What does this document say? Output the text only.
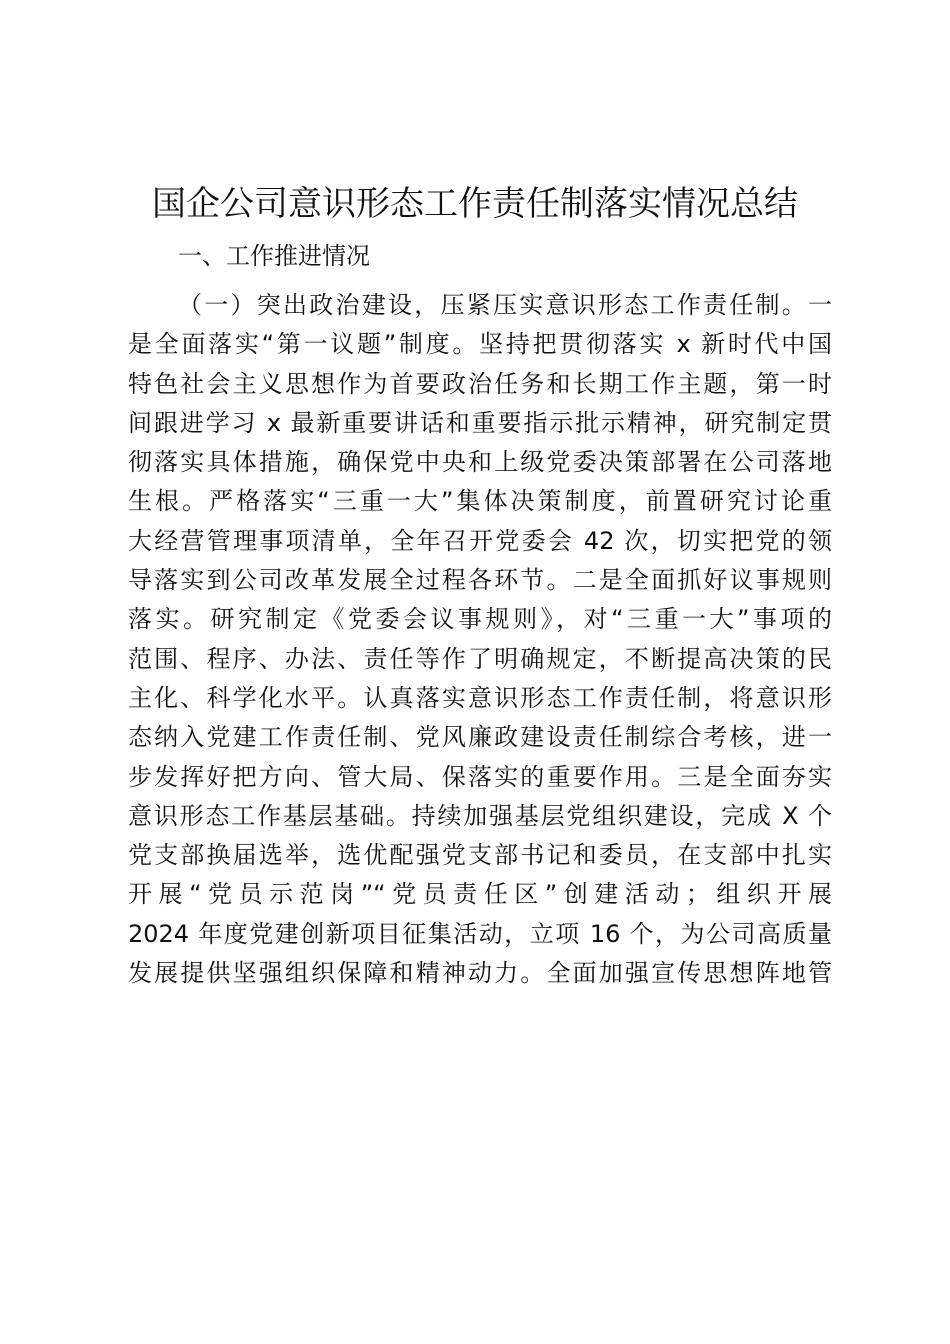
国企公司意识形态工作责任制落实情况总结
一、工作推进情况
（一）突出政治建设，压紧压实意识形态工作责任制。一
是全面落实“第一议题”制度。坚持把贯彻落实 x 新时代中国
特色社会主义思想作为首要政治任务和长期工作主题，第一时
间跟进学习 x 最新重要讲话和重要指示批示精神，研究制定贯
彻落实具体措施，确保党中央和上级党委决策部署在公司落地
生根。严格落实“三重一大”集体决策制度，前置研究讨论重
大经营管理事项清单，全年召开党委会 42 次，切实把党的领
导落实到公司改革发展全过程各环节。二是全面抓好议事规则
落实。研究制定《党委会议事规则》，对“三重一大”事项的
范围、程序、办法、责任等作了明确规定，不断提高决策的民
主化、科学化水平。认真落实意识形态工作责任制，将意识形
态纳入党建工作责任制、党风廉政建设责任制综合考核，进一
步发挥好把方向、管大局、保落实的重要作用。三是全面夯实
意识形态工作基层基础。持续加强基层党组织建设，完成 X 个
党支部换届选举，选优配强党支部书记和委员，在支部中扎实
开展“党员示范岗”“党员责任区”创建活动；组织开展
2024 年度党建创新项目征集活动，立项 16 个，为公司高质量
发展提供坚强组织保障和精神动力。全面加强宣传思想阵地管
